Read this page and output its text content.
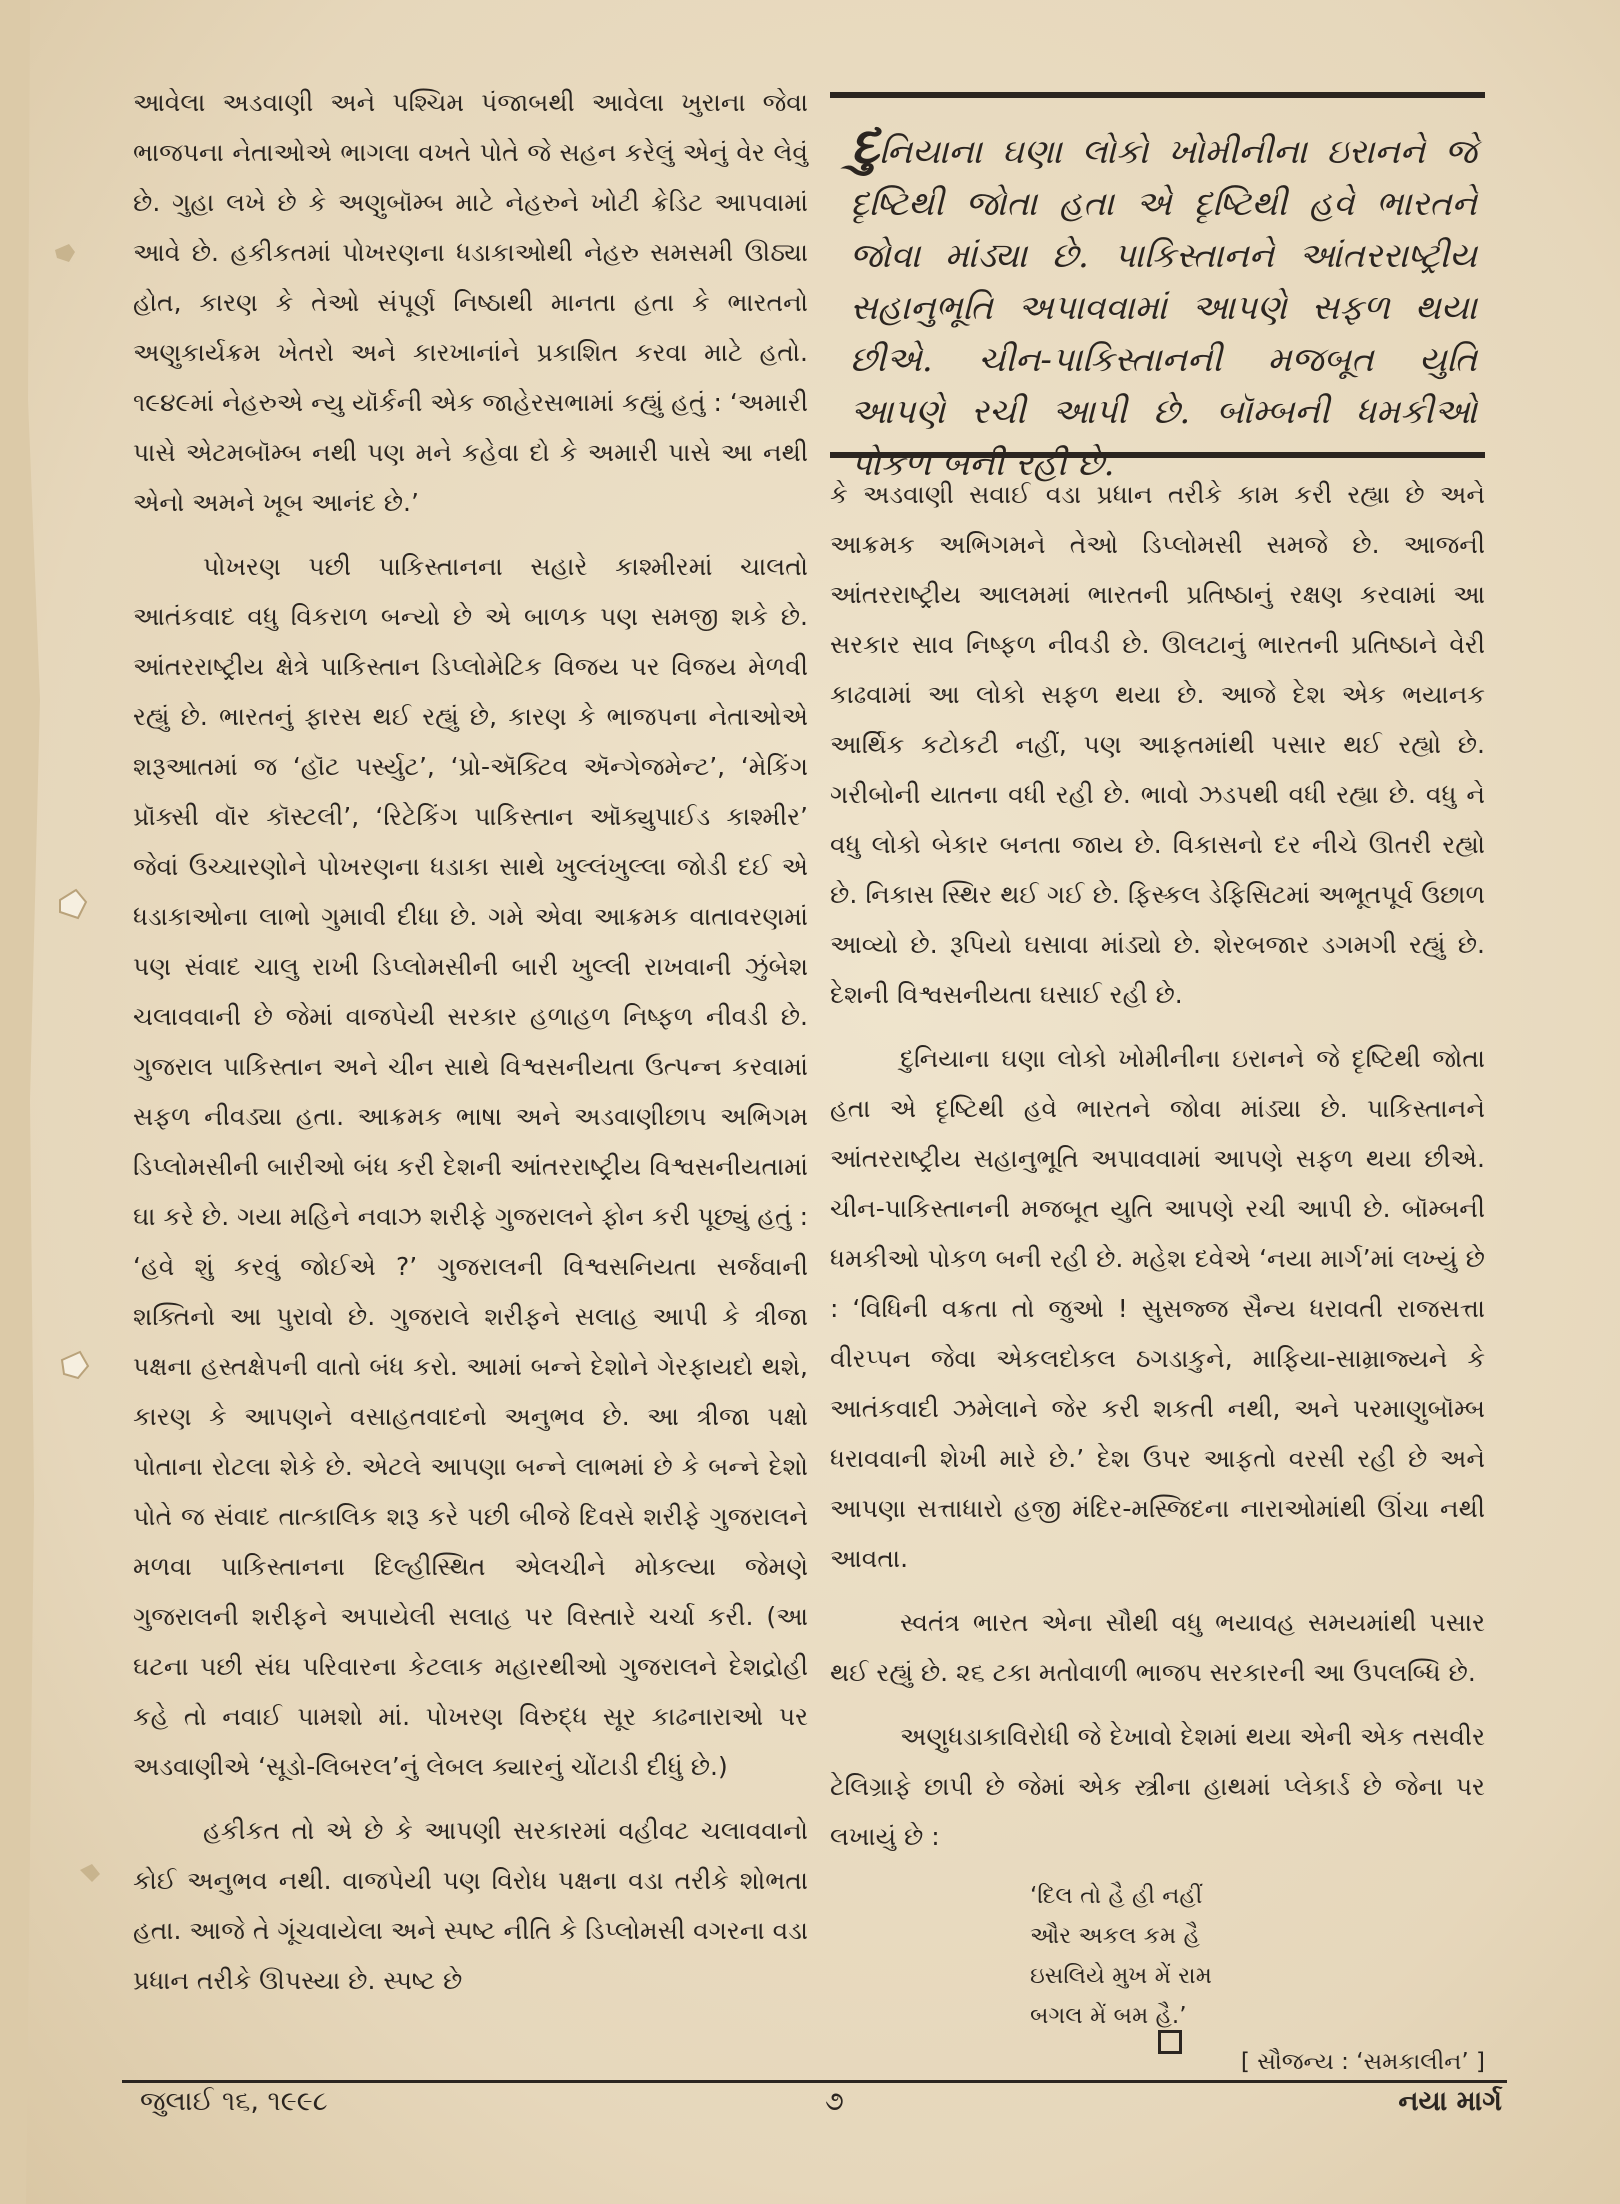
દુનિયાના ઘણા લોકો ખોમીનીના ઇરાનને જે દૃષ્ટિથી જોતા હતા એ દૃષ્ટિથી હવે ભારતને જોવા માંડ્યા છે. પાકિસ્તાનને આંતરરાષ્ટ્રીય સહાનુભૂતિ અપાવવામાં આપણે સફળ થયા છીએ. ચીન-પાકિસ્તાનની મજબૂત યુતિ આપણે રચી આપી છે. બૉમ્બની ધમકીઓ પોકળ બની રહી છે.

આવેલા અડવાણી અને પશ્ચિમ પંજાબથી આવેલા ખુરાના જેવા ભાજપના નેતાઓએ ભાગલા વખતે પોતે જે સહન કરેલું એનું વેર લેવું છે. ગુહા લખે છે કે અણુબૉમ્બ માટે નેહરુને ખોટી ક્રેડિટ આપવામાં આવે છે. હકીકતમાં પોખરણના ધડાકાઓથી નેહરુ સમસમી ઊઠ્યા હોત, કારણ કે તેઓ સંપૂર્ણ નિષ્ઠાથી માનતા હતા કે ભારતનો અણુકાર્યક્રમ ખેતરો અને કારખાનાંને પ્રકાશિત કરવા માટે હતો. ૧૯૪૯માં નેહરુએ ન્યુ યૉર્કની એક જાહેરસભામાં કહ્યું હતું : ‘અમારી પાસે એટમબૉમ્બ નથી પણ મને કહેવા દો કે અમારી પાસે આ નથી એનો અમને ખૂબ આનંદ છે.’

પોખરણ પછી પાકિસ્તાનના સહારે કાશ્મીરમાં ચાલતો આતંકવાદ વધુ વિકરાળ બન્યો છે એ બાળક પણ સમજી શકે છે. આંતરરાષ્ટ્રીય ક્ષેત્રે પાકિસ્તાન ડિપ્લોમેટિક વિજય પર વિજય મેળવી રહ્યું છે. ભારતનું ફારસ થઈ રહ્યું છે, કારણ કે ભાજપના નેતાઓએ શરૂઆતમાં જ ‘હૉટ પર્સ્યુટ’, ‘પ્રો-ઍક્ટિવ ઍન્ગેજમેન્ટ’, ‘મેકિંગ પ્રૉક્સી વૉર કૉસ્ટલી’, ‘રિટેકિંગ પાકિસ્તાન ઑક્યુપાઈડ કાશ્મીર’ જેવાં ઉચ્ચારણોને પોખરણના ધડાકા સાથે ખુલ્લંખુલ્લા જોડી દઈ એ ધડાકાઓના લાભો ગુમાવી દીધા છે. ગમે એવા આક્રમક વાતાવરણમાં પણ સંવાદ ચાલુ રાખી ડિપ્લોમસીની બારી ખુલ્લી રાખવાની ઝુંબેશ ચલાવવાની છે જેમાં વાજપેયી સરકાર હળાહળ નિષ્ફળ નીવડી છે. ગુજરાલ પાકિસ્તાન અને ચીન સાથે વિશ્વસનીયતા ઉત્પન્ન કરવામાં સફળ નીવડ્યા હતા. આક્રમક ભાષા અને અડવાણીછાપ અભિગમ ડિપ્લોમસીની બારીઓ બંધ કરી દેશની આંતરરાષ્ટ્રીય વિશ્વસનીયતામાં ઘા કરે છે. ગયા મહિને નવાઝ શરીફે ગુજરાલને ફોન કરી પૂછ્યું હતું : ‘હવે શું કરવું જોઈએ ?’ ગુજરાલની વિશ્વસનિયતા સર્જવાની શક્તિનો આ પુરાવો છે. ગુજરાલે શરીફને સલાહ આપી કે ત્રીજા પક્ષના હસ્તક્ષેપની વાતો બંધ કરો. આમાં બન્ને દેશોને ગેરફાયદો થશે, કારણ કે આપણને વસાહતવાદનો અનુભવ છે. આ ત્રીજા પક્ષો પોતાના રોટલા શેકે છે. એટલે આપણા બન્ને લાભમાં છે કે બન્ને દેશો પોતે જ સંવાદ તાત્કાલિક શરૂ કરે પછી બીજે દિવસે શરીફે ગુજરાલને મળવા પાકિસ્તાનના દિલ્હીસ્થિત એલચીને મોકલ્યા જેમણે ગુજરાલની શરીફને અપાયેલી સલાહ પર વિસ્તારે ચર્ચા કરી. (આ ઘટના પછી સંઘ પરિવારના કેટલાક મહારથીઓ ગુજરાલને દેશદ્રોહી કહે તો નવાઈ પામશો માં. પોખરણ વિરુદ્ધ સૂર કાઢનારાઓ પર અડવાણીએ ‘સૂડો-લિબરલ’નું લેબલ ક્યારનું ચોંટાડી દીધું છે.)

હકીકત તો એ છે કે આપણી સરકારમાં વહીવટ ચલાવવાનો કોઈ અનુભવ નથી. વાજપેયી પણ વિરોધ પક્ષના વડા તરીકે શોભતા હતા. આજે તે ગૂંચવાયેલા અને સ્પષ્ટ નીતિ કે ડિપ્લોમસી વગરના વડા પ્રધાન તરીકે ઊપસ્યા છે. સ્પષ્ટ છે

કે અડવાણી સવાઈ વડા પ્રધાન તરીકે કામ કરી રહ્યા છે અને આક્રમક અભિગમને તેઓ ડિપ્લોમસી સમજે છે. આજની આંતરરાષ્ટ્રીય આલમમાં ભારતની પ્રતિષ્ઠાનું રક્ષણ કરવામાં આ સરકાર સાવ નિષ્ફળ નીવડી છે. ઊલટાનું ભારતની પ્રતિષ્ઠાને વેરી કાઢવામાં આ લોકો સફળ થયા છે. આજે દેશ એક ભયાનક આર્થિક કટોકટી નહીં, પણ આફતમાંથી પસાર થઈ રહ્યો છે. ગરીબોની યાતના વધી રહી છે. ભાવો ઝડપથી વધી રહ્યા છે. વધુ ને વધુ લોકો બેકાર બનતા જાય છે. વિકાસનો દર નીચે ઊતરી રહ્યો છે. નિકાસ સ્થિર થઈ ગઈ છે. ફિસ્કલ ડેફિસિટમાં અભૂતપૂર્વ ઉછાળ આવ્યો છે. રૂપિયો ઘસાવા માંડ્યો છે. શેરબજાર ડગમગી રહ્યું છે. દેશની વિશ્વસનીયતા ઘસાઈ રહી છે.

દુનિયાના ઘણા લોકો ખોમીનીના ઇરાનને જે દૃષ્ટિથી જોતા હતા એ દૃષ્ટિથી હવે ભારતને જોવા માંડ્યા છે. પાકિસ્તાનને આંતરરાષ્ટ્રીય સહાનુભૂતિ અપાવવામાં આપણે સફળ થયા છીએ. ચીન-પાકિસ્તાનની મજબૂત યુતિ આપણે રચી આપી છે. બૉમ્બની ધમકીઓ પોકળ બની રહી છે. મહેશ દવેએ ‘નયા માર્ગ’માં લખ્યું છે : ‘વિધિની વક્રતા તો જુઓ ! સુસજ્જ સૈન્ય ધરાવતી રાજસત્તા વીરપ્પન જેવા એકલદોકલ ઠગડાકુને, માફિયા-સામ્રાજ્યને કે આતંકવાદી ઝમેલાને જેર કરી શકતી નથી, અને પરમાણુબૉમ્બ ધરાવવાની શેખી મારે છે.’ દેશ ઉપર આફતો વરસી રહી છે અને આપણા સત્તાધારો હજી મંદિર-મસ્જિદના નારાઓમાંથી ઊંચા નથી આવતા.

સ્વતંત્ર ભારત એના સૌથી વધુ ભયાવહ સમયમાંથી પસાર થઈ રહ્યું છે. ૨૬ ટકા મતોવાળી ભાજપ સરકારની આ ઉપલબ્ધિ છે.

અણુધડાકાવિરોધી જે દેખાવો દેશમાં થયા એની એક તસવીર ટેલિગ્રાફે છાપી છે જેમાં એક સ્ત્રીના હાથમાં પ્લેકાર્ડ છે જેના પર લખાયું છે :

‘દિલ તો હૈ હી નહીં
ઔર અકલ કમ હૈ
ઇસલિયે મુખ મેં રામ
બગલ મેં બમ હૈ.’
[ સૌજન્ય : ‘સમકાલીન’ ]
જુલાઈ ૧૬, ૧૯૯૮	૭	નયા માર્ગ
